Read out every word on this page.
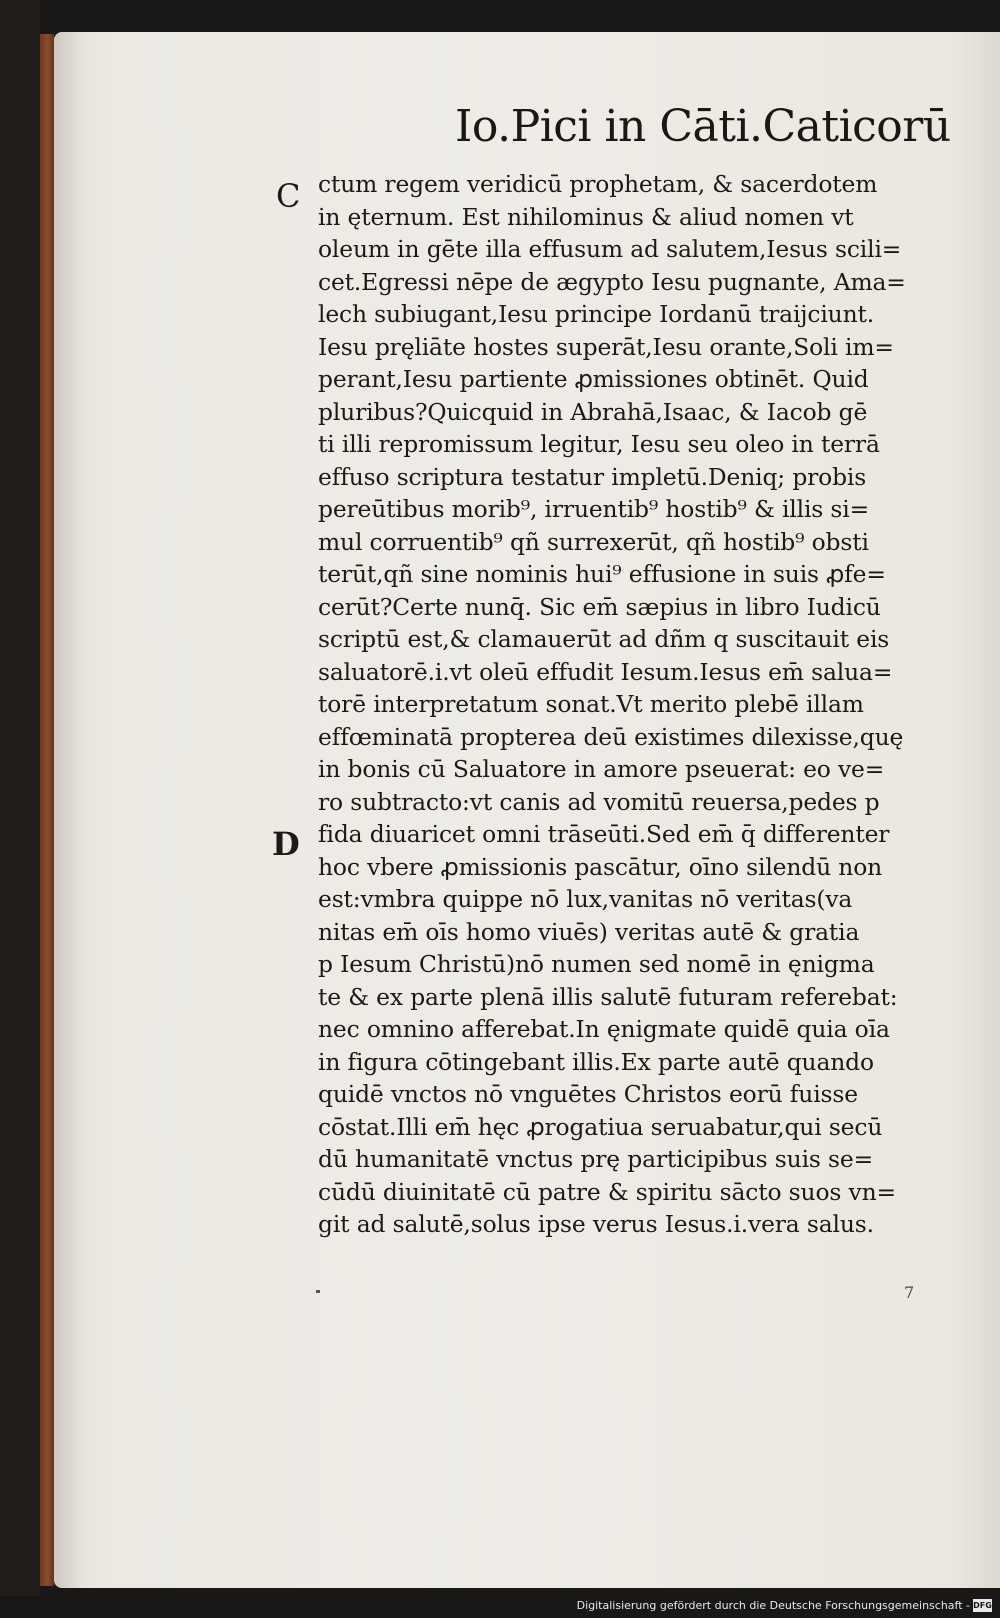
Io.Pici in Cāti.Caticorū
C
D
ctum regem veridicū prophetam, & sacerdotem
in ęternum. Est nihilominus & aliud nomen vt
oleum in gēte illa effusum ad salutem,Iesus scili=
cet.Egressi nēpe de ægypto Iesu pugnante, Ama=
lech subiugant,Iesu principe Iordanū traijciunt.
Iesu pręliāte hostes superāt,Iesu orante,Soli im=
perant,Iesu partiente ꝓmissiones obtinēt. Quid
pluribus?Quicquid in Abrahā,Isaac, & Iacob gē
ti illi repromissum legitur, Iesu seu oleo in terrā
effuso scriptura testatur impletū.Deniq; probis
pereūtibus morib⁹, irruentib⁹ hostib⁹ & illis si=
mul corruentib⁹ qñ surrexerūt, qñ hostib⁹ obsti
terūt,qñ sine nominis hui⁹ effusione in suis ꝓfe=
cerūt?Certe nunq̄. Sic em̄ sæpius in libro Iudicū
scriptū est,& clamauerūt ad dñm q suscitauit eis
saluatorē.i.vt oleū effudit Iesum.Iesus em̄ salua=
torē interpretatum sonat.Vt merito plebē illam
effœminatā propterea deū existimes dilexisse,quę
in bonis cū Saluatore in amore pseuerat: eo ve=
ro subtracto:vt canis ad vomitū reuersa,pedes p
fida diuaricet omni trāseūti.Sed em̄ q̄ differenter
hoc vbere ꝓmissionis pascātur, oīno silendū non
est:vmbra quippe nō lux,vanitas nō veritas(va
nitas em̄ oīs homo viuēs) veritas autē & gratia
p Iesum Christū)nō numen sed nomē in ęnigma
te & ex parte plenā illis salutē futuram referebat:
nec omnino afferebat.In ęnigmate quidē quia oīa
in figura cōtingebant illis.Ex parte autē quando
quidē vnctos nō vnguētes Christos eorū fuisse
cōstat.Illi em̄ hęc ꝓrogatiua seruabatur,qui secū
dū humanitatē vnctus prę participibus suis se=
cūdū diuinitatē cū patre & spiritu sācto suos vn=
git ad salutē,solus ipse verus Iesus.i.vera salus.
7
Digitalisierung gefördert durch die Deutsche Forschungsgemeinschaft - DFG
